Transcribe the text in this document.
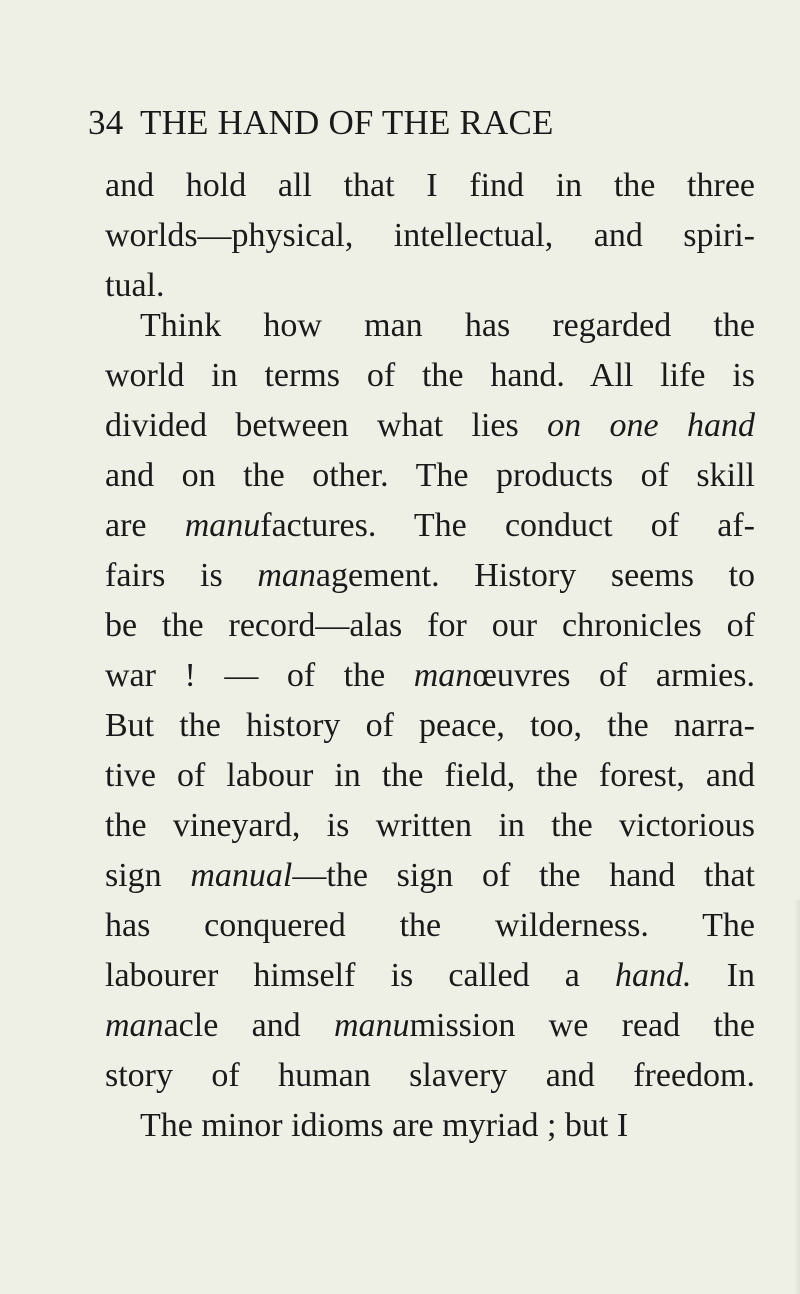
34 THE HAND OF THE RACE
and hold all that I find in the three
worlds—physical, intellectual, and spiri-
tual.
Think how man has regarded the
world in terms of the hand. All life is
divided between what lies on one hand
and on the other. The products of skill
are manufactures. The conduct of af-
fairs is management. History seems to
be the record—alas for our chronicles of
war ! — of the manœuvres of armies.
But the history of peace, too, the narra-
tive of labour in the field, the forest, and
the vineyard, is written in the victorious
sign manual—the sign of the hand that
has conquered the wilderness. The
labourer himself is called a hand. In
manacle and manumission we read the
story of human slavery and freedom.
The minor idioms are myriad ; but I
